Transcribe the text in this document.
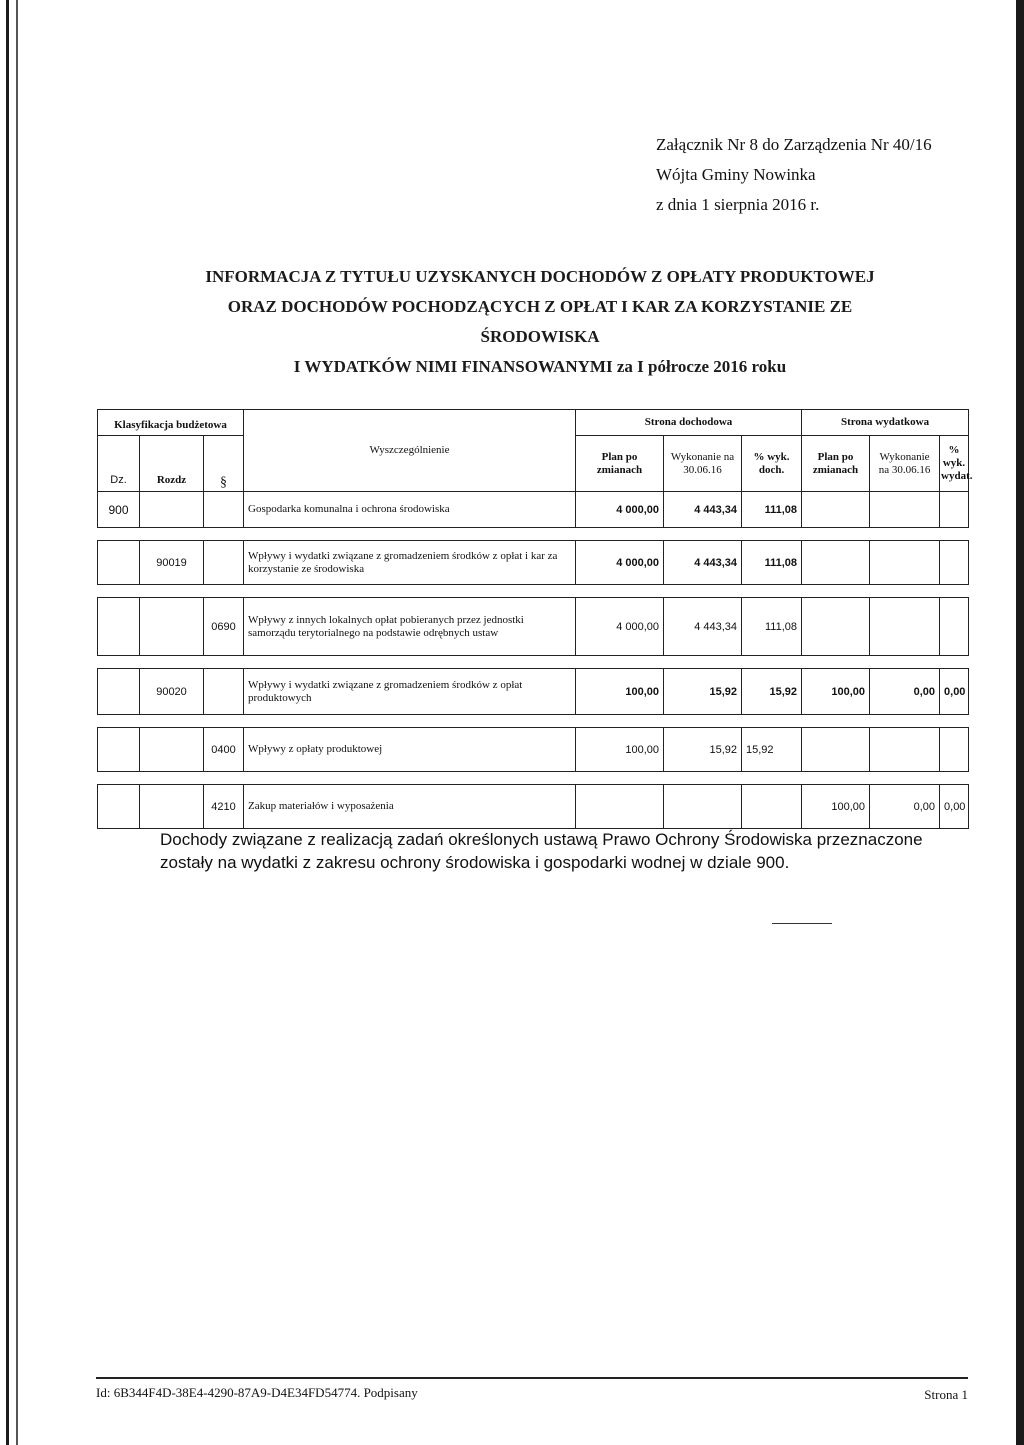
Załącznik Nr 8 do Zarządzenia Nr 40/16
Wójta Gminy Nowinka
z dnia 1 sierpnia 2016 r.
INFORMACJA Z TYTUŁU UZYSKANYCH DOCHODÓW Z OPŁATY PRODUKTOWEJ
ORAZ DOCHODÓW POCHODZĄCYCH Z OPŁAT I KAR ZA KORZYSTANIE ZE
ŚRODOWISKA
I WYDATKÓW NIMI FINANSOWANYMI za I półrocze 2016 roku
Klasyfikacja budżetowa			Wyszczególnienie	Strona dochodowa			Strona wydatkowa		
Dz.	Rozdz	§		Plan po zmianach	Wykonanie na 30.06.16	% wyk. doch.	Plan po zmianach	Wykonanie na 30.06.16	% wyk. wydat.
900			Gospodarka komunalna i ochrona środowiska	4 000,00	4 443,34	111,08			

	90019		Wpływy i wydatki związane z gromadzeniem środków z opłat i kar za korzystanie ze środowiska	4 000,00	4 443,34	111,08			

		0690	Wpływy z innych lokalnych opłat pobieranych przez jednostki samorządu terytorialnego na podstawie odrębnych ustaw	4 000,00	4 443,34	111,08			

	90020		Wpływy i wydatki związane z gromadzeniem środków z opłat produktowych	100,00	15,92	15,92	100,00	0,00	0,00

		0400	Wpływy z opłaty produktowej	100,00	15,92	15,92			

		4210	Zakup materiałów i wyposażenia				100,00	0,00	0,00
Dochody związane z realizacją zadań określonych ustawą Prawo Ochrony Środowiska przeznaczone zostały na wydatki z zakresu ochrony środowiska i gospodarki wodnej w dziale 900.
Id: 6B344F4D-38E4-4290-87A9-D4E34FD54774. Podpisany	Strona 1
